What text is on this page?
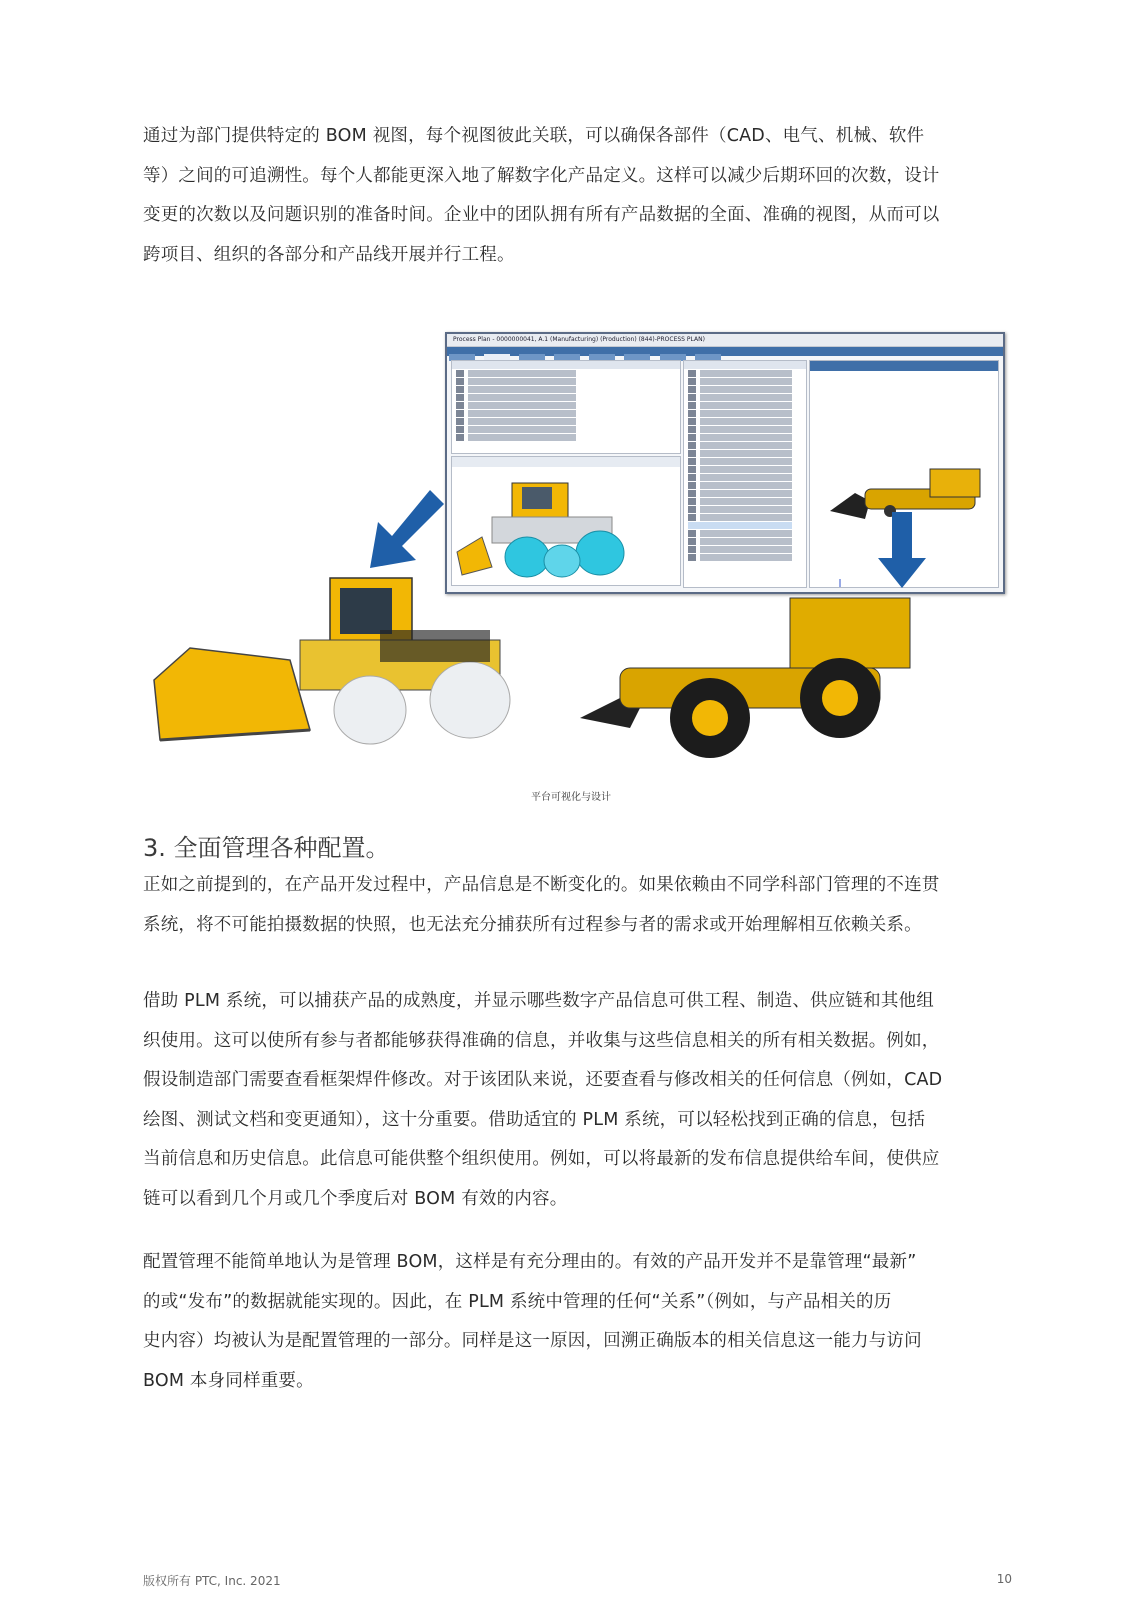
通过为部门提供特定的 BOM 视图，每个视图彼此关联，可以确保各部件（CAD、电气、机械、软件
等）之间的可追溯性。每个人都能更深入地了解数字化产品定义。这样可以减少后期环回的次数，设计
变更的次数以及问题识别的准备时间。企业中的团队拥有所有产品数据的全面、准确的视图，从而可以
跨项目、组织的各部分和产品线开展并行工程。
Process Plan - 0000000041, A.1 (Manufacturing) (Production) (844)-PROCESS PLAN)

平台可视化与设计
3. 全面管理各种配置。
正如之前提到的，在产品开发过程中，产品信息是不断变化的。如果依赖由不同学科部门管理的不连贯
系统，将不可能拍摄数据的快照，也无法充分捕获所有过程参与者的需求或开始理解相互依赖关系。
借助 PLM 系统，可以捕获产品的成熟度，并显示哪些数字产品信息可供工程、制造、供应链和其他组
织使用。这可以使所有参与者都能够获得准确的信息，并收集与这些信息相关的所有相关数据。例如，
假设制造部门需要查看框架焊件修改。对于该团队来说，还要查看与修改相关的任何信息（例如，CAD
绘图、测试文档和变更通知），这十分重要。借助适宜的 PLM 系统，可以轻松找到正确的信息，包括
当前信息和历史信息。此信息可能供整个组织使用。例如，可以将最新的发布信息提供给车间，使供应
链可以看到几个月或几个季度后对 BOM 有效的内容。
配置管理不能简单地认为是管理 BOM，这样是有充分理由的。有效的产品开发并不是靠管理“最新”
的或“发布”的数据就能实现的。因此，在 PLM 系统中管理的任何“关系”（例如，与产品相关的历
史内容）均被认为是配置管理的一部分。同样是这一原因，回溯正确版本的相关信息这一能力与访问
BOM 本身同样重要。
版权所有 PTC, Inc. 2021	10
